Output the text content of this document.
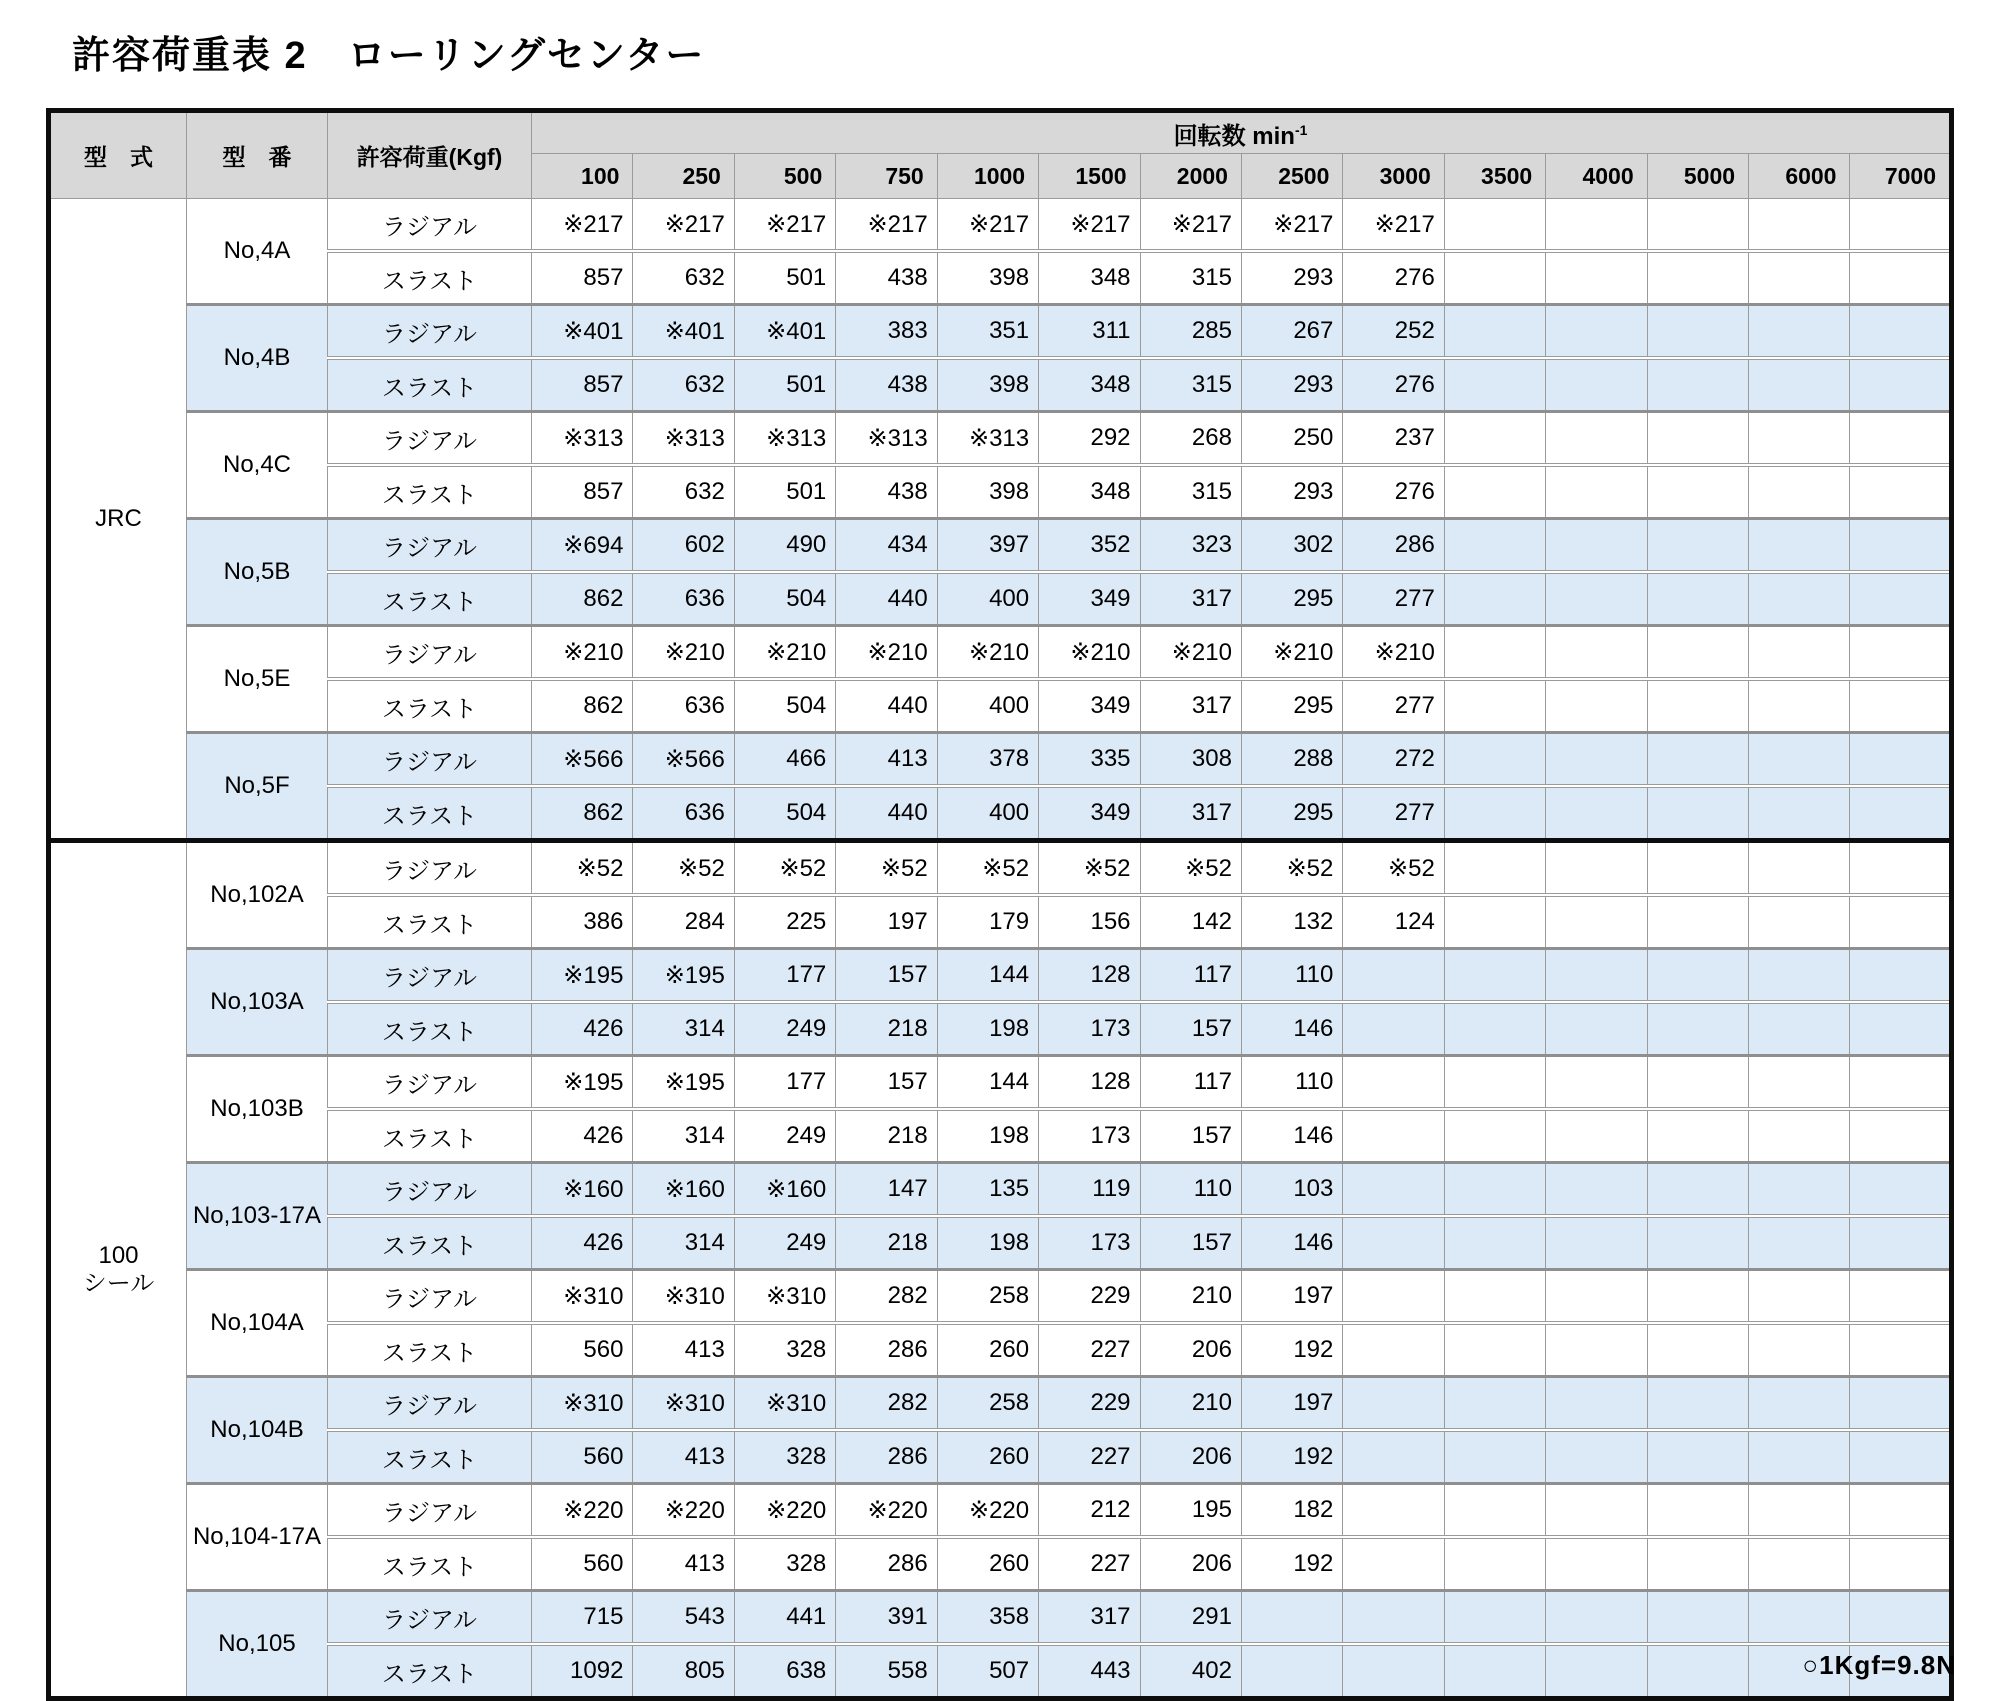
許容荷重表 2　ローリングセンター
型　式	型　番	許容荷重(Kgf)	回転数 $\min^{-1}$
			100	250	500	750	1000	1500	2000	2500	3000	3500	4000	5000	6000	7000
JRC	No,4A	ラジアル	※217	※217	※217	※217	※217	※217	※217	※217	※217					
		スラスト	857	632	501	438	398	348	315	293	276					
	No,4B	ラジアル	※401	※401	※401	383	351	311	285	267	252					
		スラスト	857	632	501	438	398	348	315	293	276					
	No,4C	ラジアル	※313	※313	※313	※313	※313	292	268	250	237					
		スラスト	857	632	501	438	398	348	315	293	276					
	No,5B	ラジアル	※694	602	490	434	397	352	323	302	286					
		スラスト	862	636	504	440	400	349	317	295	277					
	No,5E	ラジアル	※210	※210	※210	※210	※210	※210	※210	※210	※210					
		スラスト	862	636	504	440	400	349	317	295	277					
	No,5F	ラジアル	※566	※566	466	413	378	335	308	288	272					
		スラスト	862	636	504	440	400	349	317	295	277					
100
シール	No,102A	ラジアル	※52	※52	※52	※52	※52	※52	※52	※52	※52					
		スラスト	386	284	225	197	179	156	142	132	124					
	No,103A	ラジアル	※195	※195	177	157	144	128	117	110						
		スラスト	426	314	249	218	198	173	157	146						
	No,103B	ラジアル	※195	※195	177	157	144	128	117	110						
		スラスト	426	314	249	218	198	173	157	146						
	No,103-17A	ラジアル	※160	※160	※160	147	135	119	110	103						
		スラスト	426	314	249	218	198	173	157	146						
	No,104A	ラジアル	※310	※310	※310	282	258	229	210	197						
		スラスト	560	413	328	286	260	227	206	192						
	No,104B	ラジアル	※310	※310	※310	282	258	229	210	197						
		スラスト	560	413	328	286	260	227	206	192						
	No,104-17A	ラジアル	※220	※220	※220	※220	※220	212	195	182						
		スラスト	560	413	328	286	260	227	206	192						
	No,105	ラジアル	715	543	441	391	358	317	291							
		スラスト	1092	805	638	558	507	443	402								○1Kgf=9.8N
